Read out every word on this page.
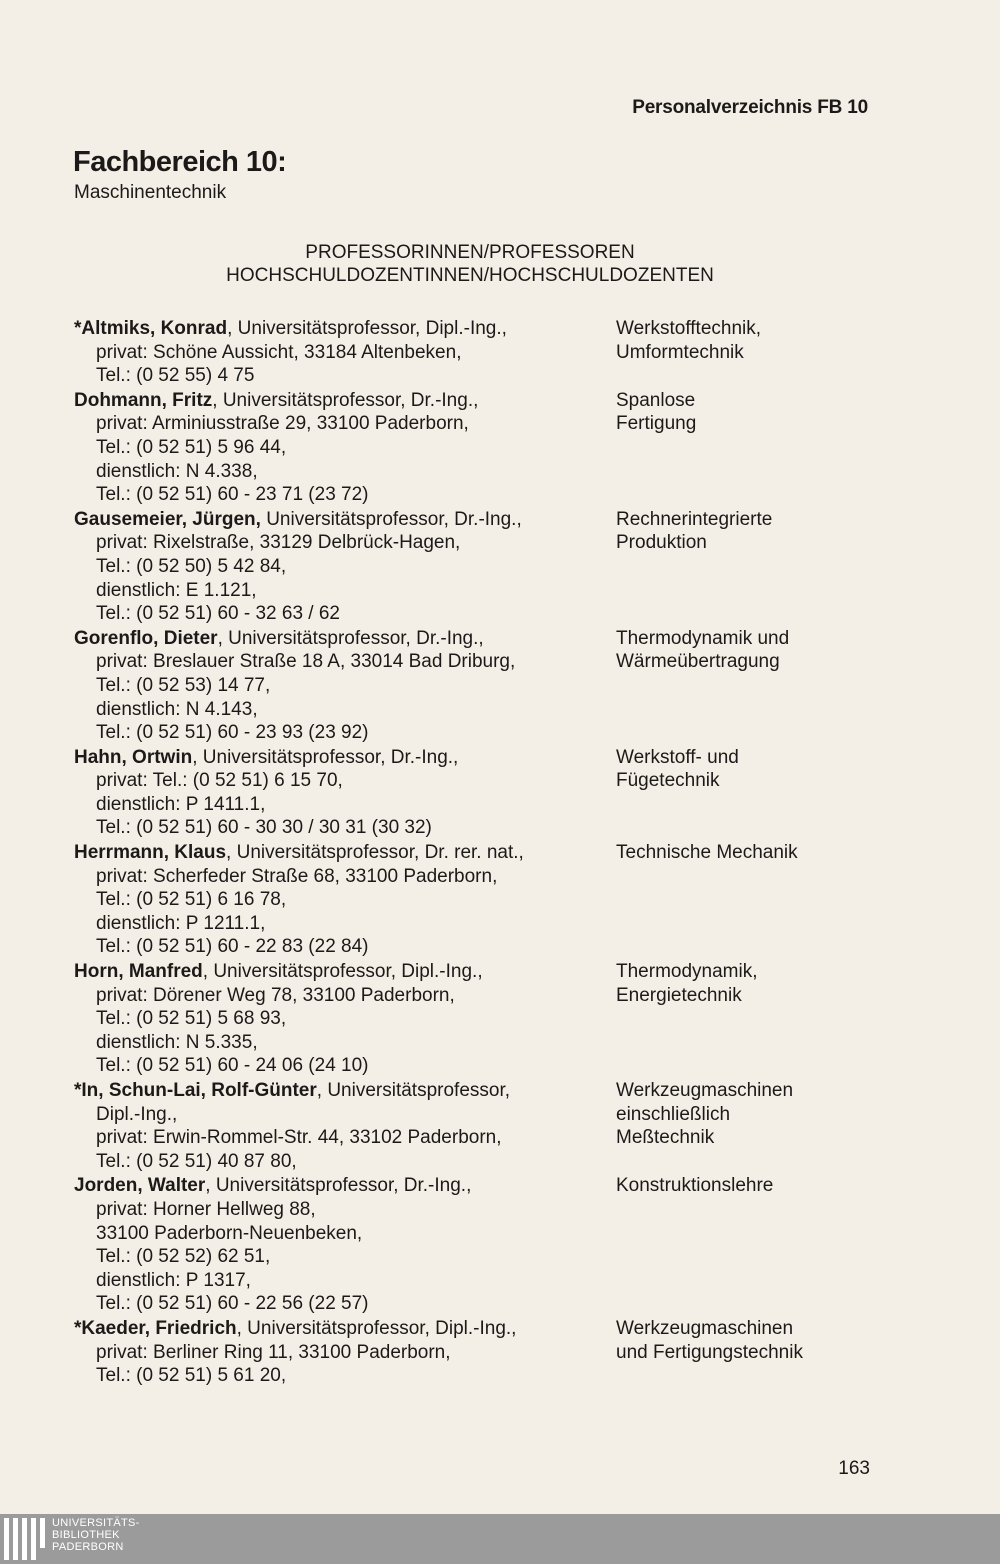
Personalverzeichnis FB 10
Fachbereich 10:
Maschinentechnik
PROFESSORINNEN/PROFESSOREN
HOCHSCHULDOZENTINNEN/HOCHSCHULDOZENTEN
*Altmiks, Konrad, Universitätsprofessor, Dipl.-Ing.,
privat: Schöne Aussicht, 33184 Altenbeken,
Tel.: (0 52 55) 4 75
Werkstofftechnik,
Umformtechnik
Dohmann, Fritz, Universitätsprofessor, Dr.-Ing.,
privat: Arminiusstraße 29, 33100 Paderborn,
Tel.: (0 52 51) 5 96 44,
dienstlich: N 4.338,
Tel.: (0 52 51) 60 - 23 71 (23 72)
Spanlose
Fertigung
Gausemeier, Jürgen, Universitätsprofessor, Dr.-Ing.,
privat: Rixelstraße, 33129 Delbrück-Hagen,
Tel.: (0 52 50) 5 42 84,
dienstlich: E 1.121,
Tel.: (0 52 51) 60 - 32 63 / 62
Rechnerintegrierte
Produktion
Gorenflo, Dieter, Universitätsprofessor, Dr.-Ing.,
privat: Breslauer Straße 18 A, 33014 Bad Driburg,
Tel.: (0 52 53) 14 77,
dienstlich: N 4.143,
Tel.: (0 52 51) 60 - 23 93 (23 92)
Thermodynamik und
Wärmeübertragung
Hahn, Ortwin, Universitätsprofessor, Dr.-Ing.,
privat: Tel.: (0 52 51) 6 15 70,
dienstlich: P 1411.1,
Tel.: (0 52 51) 60 - 30 30 / 30 31 (30 32)
Werkstoff- und
Fügetechnik
Herrmann, Klaus, Universitätsprofessor, Dr. rer. nat.,
privat: Scherfeder Straße 68, 33100 Paderborn,
Tel.: (0 52 51) 6 16 78,
dienstlich: P 1211.1,
Tel.: (0 52 51) 60 - 22 83 (22 84)
Technische Mechanik
Horn, Manfred, Universitätsprofessor, Dipl.-Ing.,
privat: Dörener Weg 78, 33100 Paderborn,
Tel.: (0 52 51) 5 68 93,
dienstlich: N 5.335,
Tel.: (0 52 51) 60 - 24 06 (24 10)
Thermodynamik,
Energietechnik
*In, Schun-Lai, Rolf-Günter, Universitätsprofessor,
Dipl.-Ing.,
privat: Erwin-Rommel-Str. 44, 33102 Paderborn,
Tel.: (0 52 51) 40 87 80,
Werkzeugmaschinen
einschließlich
Meßtechnik
Jorden, Walter, Universitätsprofessor, Dr.-Ing.,
privat: Horner Hellweg 88,
33100 Paderborn-Neuenbeken,
Tel.: (0 52 52) 62 51,
dienstlich: P 1317,
Tel.: (0 52 51) 60 - 22 56 (22 57)
Konstruktionslehre
*Kaeder, Friedrich, Universitätsprofessor, Dipl.-Ing.,
privat: Berliner Ring 11, 33100 Paderborn,
Tel.: (0 52 51) 5 61 20,
Werkzeugmaschinen
und Fertigungstechnik
163
UNIVERSITÄTS-
BIBLIOTHEK
PADERBORN
